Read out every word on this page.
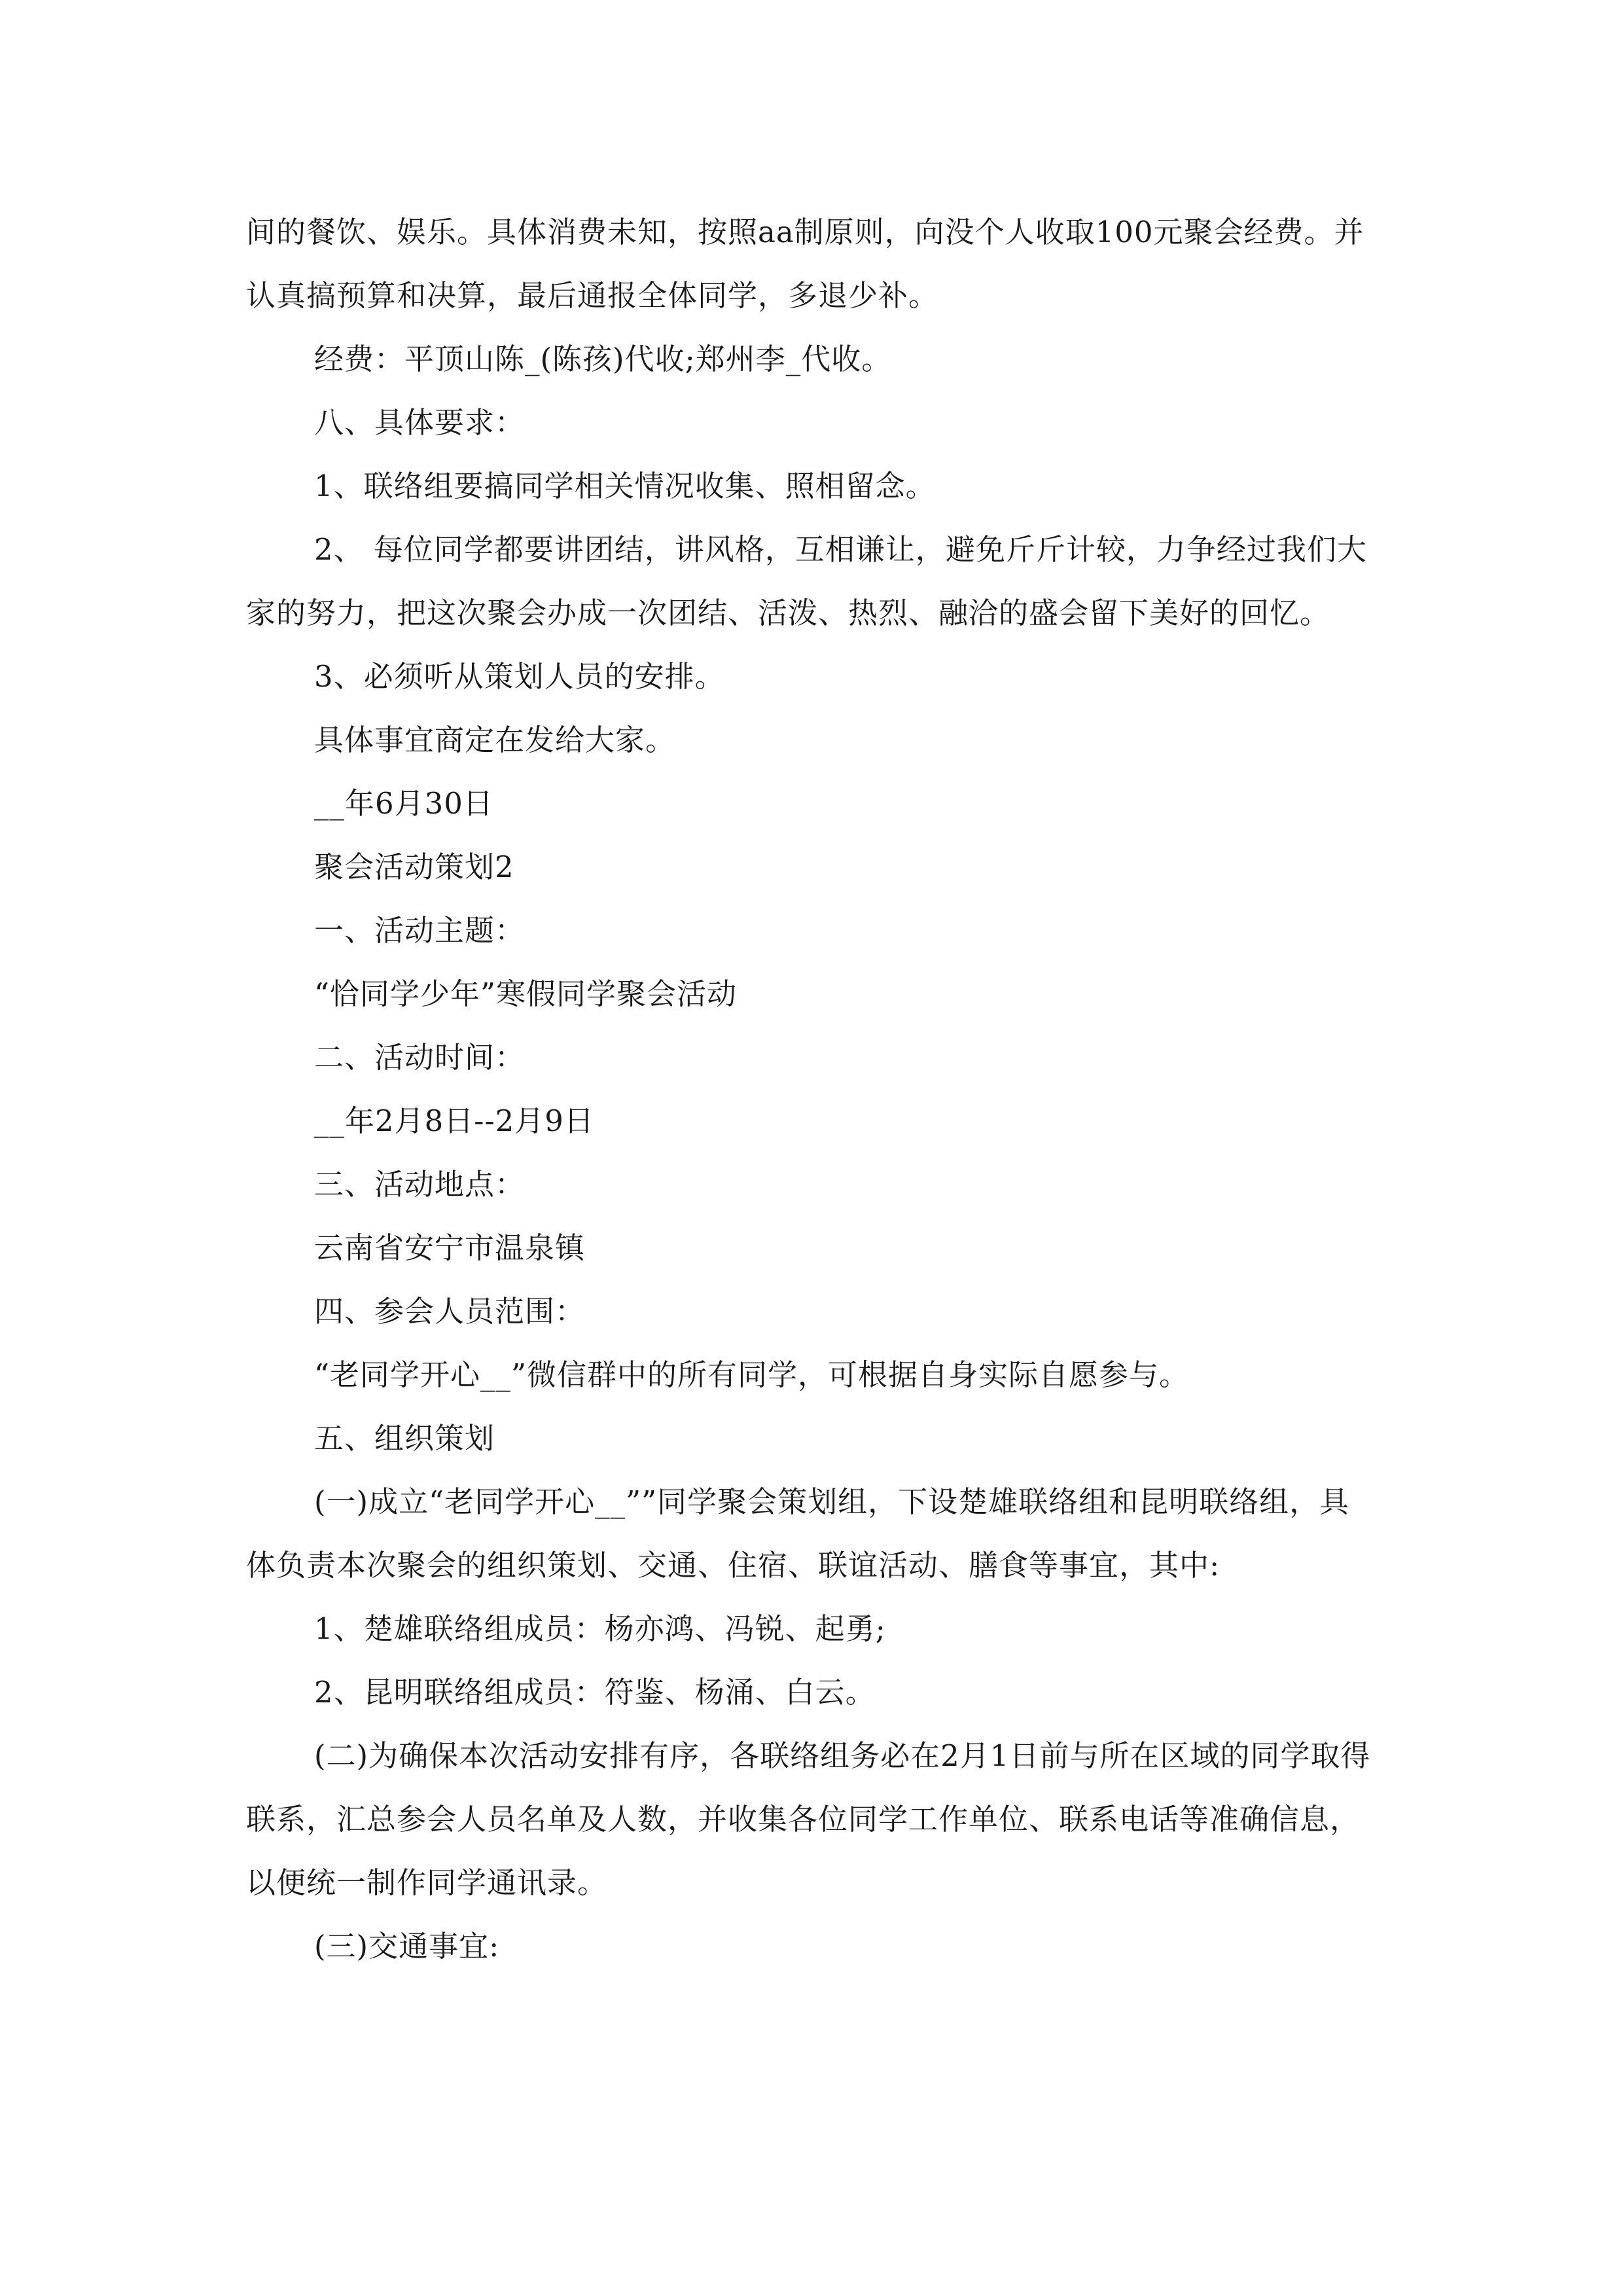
间的餐饮、娱乐。具体消费未知，按照aa制原则，向没个人收取100元聚会经费。并认真搞预算和决算，最后通报全体同学，多退少补。

经费：平顶山陈_(陈孩)代收;郑州李_代收。

八、具体要求：

1、联络组要搞同学相关情况收集、照相留念。

2、 每位同学都要讲团结，讲风格，互相谦让，避免斤斤计较，力争经过我们大家的努力，把这次聚会办成一次团结、活泼、热烈、融洽的盛会留下美好的回忆。

3、必须听从策划人员的安排。

具体事宜商定在发给大家。

__年6月30日

聚会活动策划2

一、活动主题：

“恰同学少年”寒假同学聚会活动

二、活动时间：

__年2月8日--2月9日

三、活动地点：

云南省安宁市温泉镇

四、参会人员范围：

“老同学开心__”微信群中的所有同学，可根据自身实际自愿参与。

五、组织策划

(一)成立“老同学开心__””同学聚会策划组，下设楚雄联络组和昆明联络组，具体负责本次聚会的组织策划、交通、住宿、联谊活动、膳食等事宜，其中:

1、楚雄联络组成员：杨亦鸿、冯锐、起勇;

2、昆明联络组成员：符鉴、杨涌、白云。

(二)为确保本次活动安排有序，各联络组务必在2月1日前与所在区域的同学取得联系，汇总参会人员名单及人数，并收集各位同学工作单位、联系电话等准确信息，以便统一制作同学通讯录。

(三)交通事宜:
